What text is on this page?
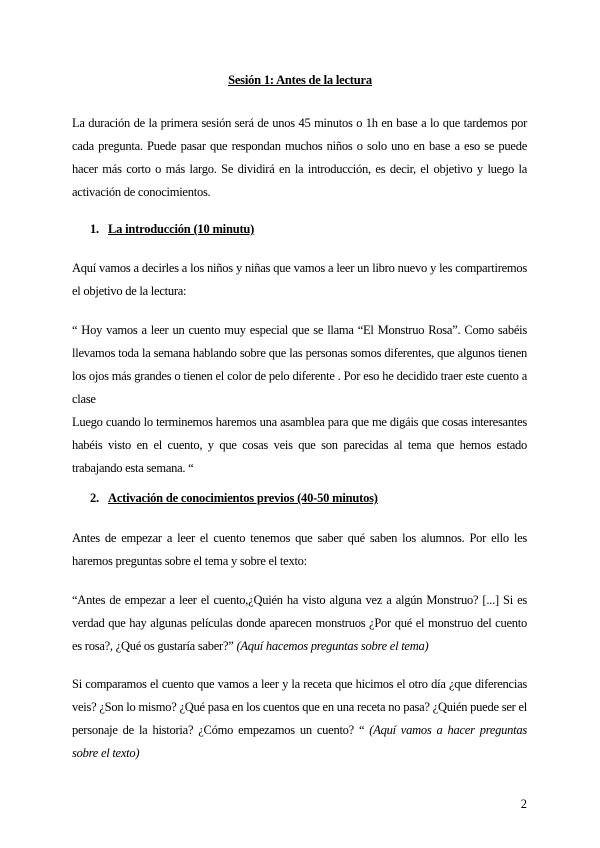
Sesión 1: Antes de la lectura

La duración de la primera sesión será de unos 45 minutos o 1h en base a lo que tardemos por cada pregunta. Puede pasar que respondan muchos niños o solo uno en base a eso se puede hacer más corto o más largo. Se dividirá en la introducción, es decir, el objetivo y luego la activación de conocimientos.

1. La introducción (10 minutu)

Aquí vamos a decirles a los niños y niñas que vamos a leer un libro nuevo y les compartiremos el objetivo de la lectura:

“ Hoy vamos a leer un cuento muy especial que se llama “El Monstruo Rosa”. Como sabéis llevamos toda la semana hablando sobre que las personas somos diferentes, que algunos tienen los ojos más grandes o tienen el color de pelo diferente . Por eso he decidido traer este cuento a clase

Luego cuando lo terminemos haremos una asamblea para que me digáis que cosas interesantes habéis visto en el cuento, y que cosas veis que son parecidas al tema que hemos estado trabajando esta semana. “

2. Activación de conocimientos previos (40-50 minutos)

Antes de empezar a leer el cuento tenemos que saber qué saben los alumnos. Por ello les haremos preguntas sobre el tema y sobre el texto:

“Antes de empezar a leer el cuento,¿Quién ha visto alguna vez a algún Monstruo? [...] Si es verdad que hay algunas películas donde aparecen monstruos ¿Por qué el monstruo del cuento es rosa?, ¿Qué os gustaría saber?” (Aquí hacemos preguntas sobre el tema)

Si comparamos el cuento que vamos a leer y la receta que hicimos el otro día ¿que diferencias veis? ¿Son lo mismo? ¿Qué pasa en los cuentos que en una receta no pasa? ¿Quién puede ser el personaje de la historia? ¿Cómo empezamos un cuento? “ (Aquí vamos a hacer preguntas sobre el texto)

2
